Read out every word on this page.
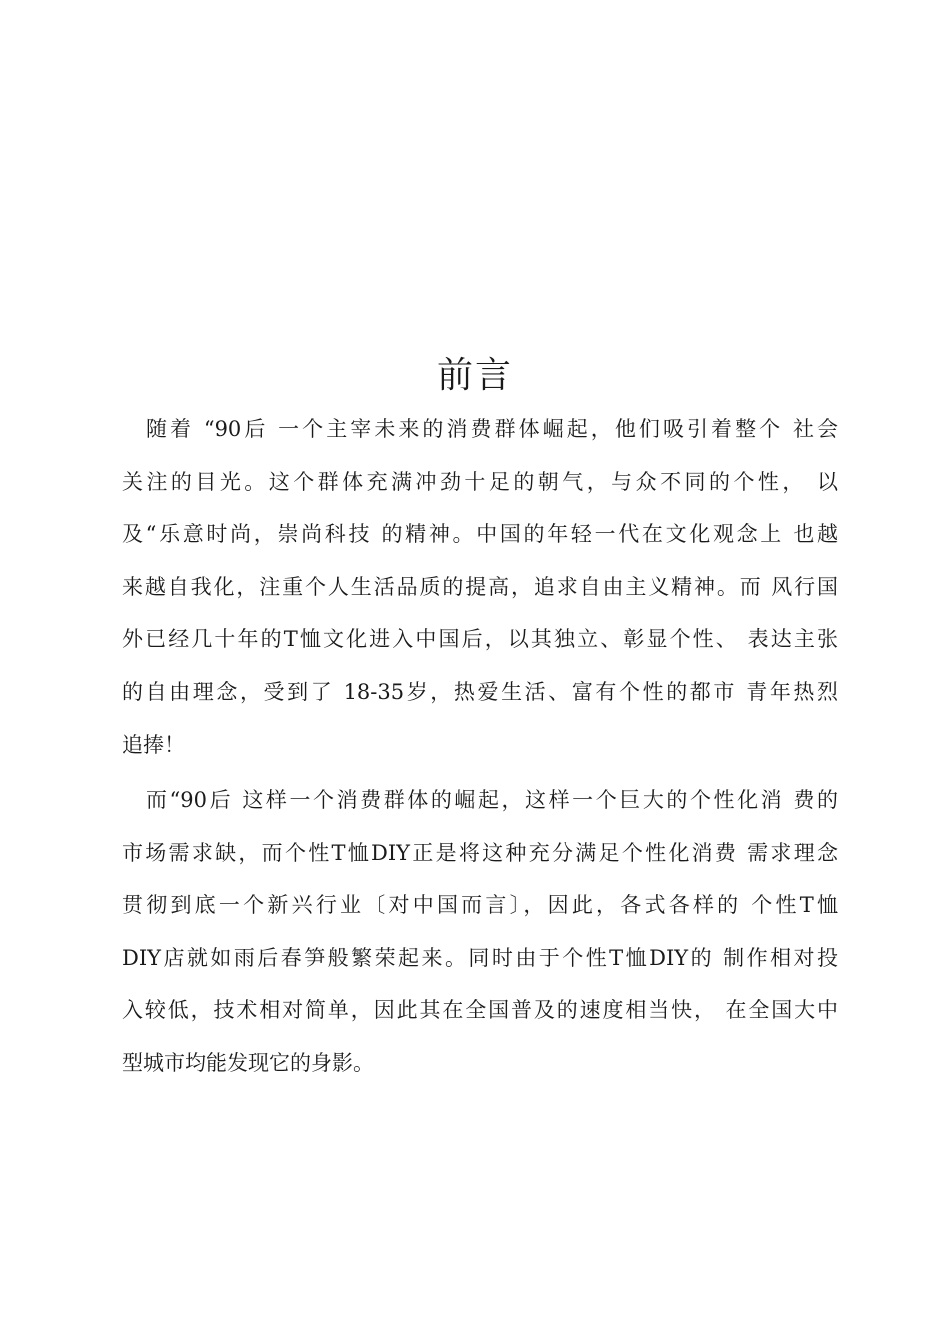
前言
随着 “90后 一个主宰未来的消费群体崛起，他们吸引着整个 社会
关注的目光。这个群体充满冲劲十足的朝气，与众不同的个性， 以
及“乐意时尚，崇尚科技 的精神。中国的年轻一代在文化观念上 也越
来越自我化，注重个人生活品质的提高，追求自由主义精神。而 风行国
外已经几十年的T恤文化进入中国后，以其独立、彰显个性、 表达主张
的自由理念，受到了 18-35岁，热爱生活、富有个性的都市 青年热烈
追捧！
而“90后 这样一个消费群体的崛起，这样一个巨大的个性化消 费的
市场需求缺，而个性T恤DIY正是将这种充分满足个性化消费 需求理念
贯彻到底一个新兴行业〔对中国而言〕，因此，各式各样的 个性T恤
DIY店就如雨后春笋般繁荣起来。同时由于个性T恤DIY的 制作相对投
入较低，技术相对简单，因此其在全国普及的速度相当快， 在全国大中
型城市均能发现它的身影。
